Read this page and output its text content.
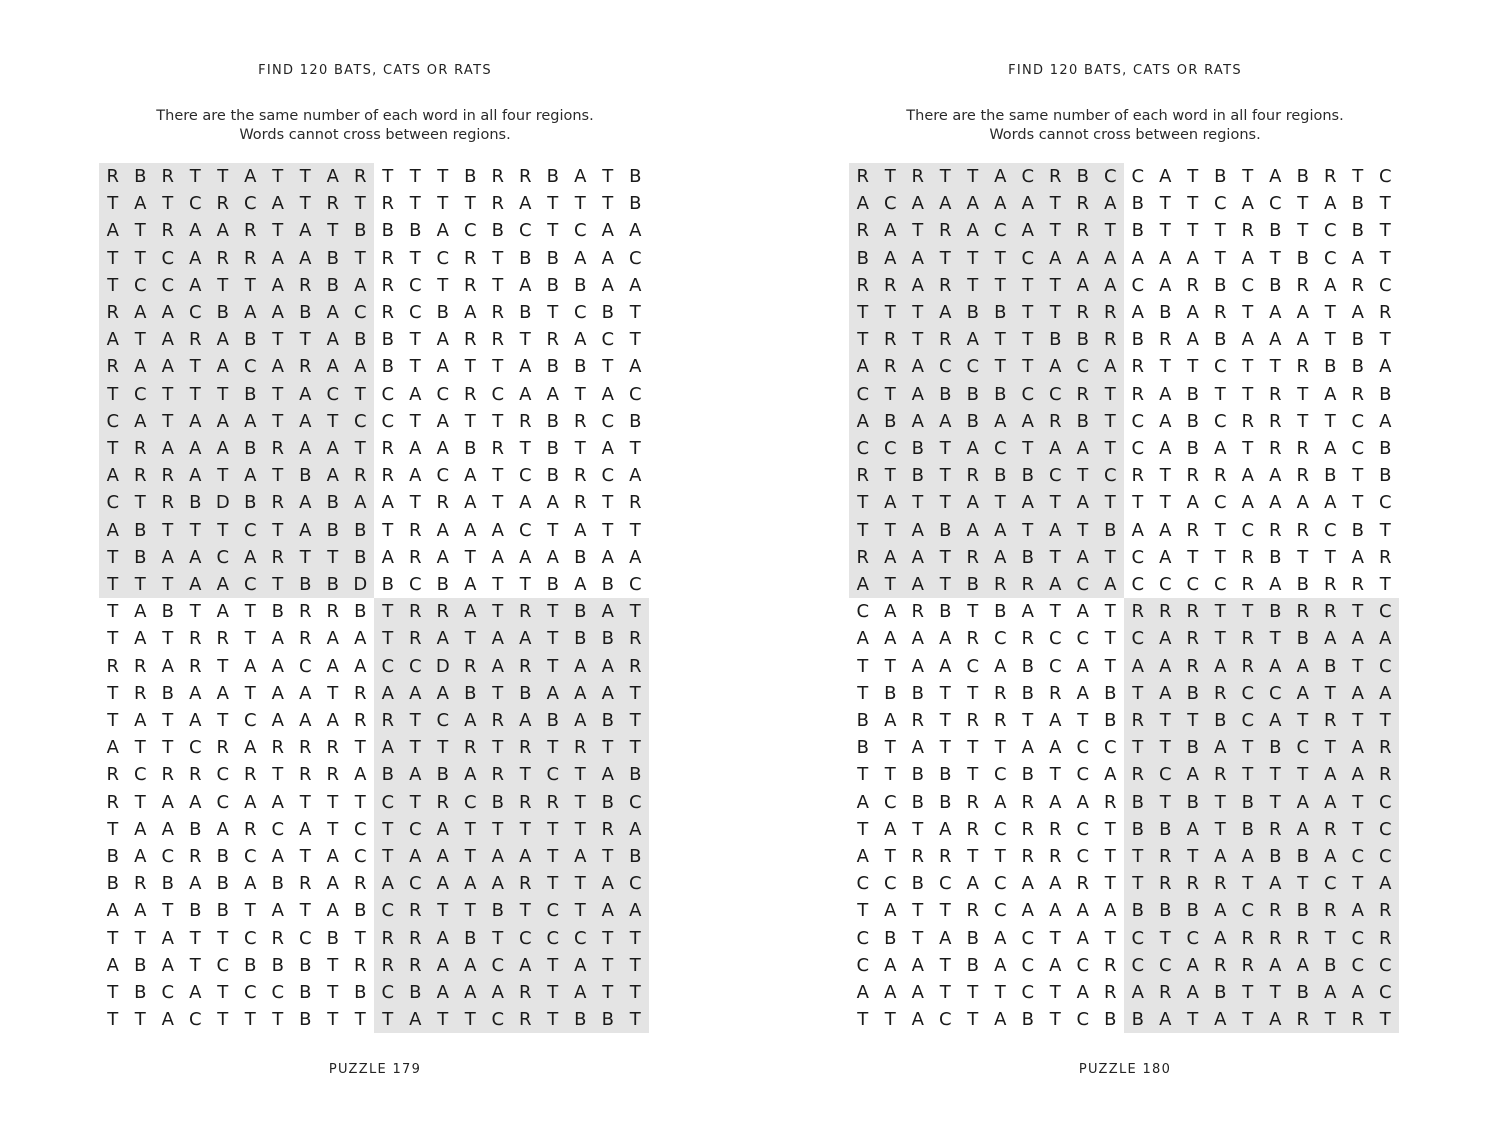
FIND 120 BATS, CATS OR RATS
There are the same number of each word in all four regions.
Words cannot cross between regions.
R B R T T A T T A R T T T B R R B A T B
T A T C R C A T R T R T T T R A T T T B
A T R A A R T A T B B B A C B C T C A A
T T C A R R A A B T R T C R T B B A A C
T C C A T T A R B A R C T R T A B B A A
R A A C B A A B A C R C B A R B T C B T
A T A R A B T T A B B T A R R T R A C T
R A A T A C A R A A B T A T T A B B T A
T C T T T B T A C T C A C R C A A T A C
C A T A A A T A T C C T A T T R B R C B
T R A A A B R A A T R A A B R T B T A T
A R R A T A T B A R R A C A T C B R C A
C T R B D B R A B A A T R A T A A R T R
A B T T T C T A B B T R A A A C T A T T
T B A A C A R T T B A R A T A A A B A A
T T T A A C T B B D B C B A T T B A B C
T A B T A T B R R B T R R A T R T B A T
T A T R R T A R A A T R A T A A T B B R
R R A R T A A C A A C C D R A R T A A R
T R B A A T A A T R A A A B T B A A A T
T A T A T C A A A R R T C A R A B A B T
A T T C R A R R R T A T T R T R T R T T
R C R R C R T R R A B A B A R T C T A B
R T A A C A A T T T C T R C B R R T B C
T A A B A R C A T C T C A T T T T T R A
B A C R B C A T A C T A A T A A T A T B
B R B A B A B R A R A C A A A R T T A C
A A T B B T A T A B C R T T B T C T A A
T T A T T C R C B T R R A B T C C C T T
A B A T C B B B T R R R A A C A T A T T
T B C A T C C B T B C B A A A R T A T T
T T A C T T T B T T T A T T C R T B B T
PUZZLE 179
FIND 120 BATS, CATS OR RATS
There are the same number of each word in all four regions.
Words cannot cross between regions.
R T R T T A C R B C C A T B T A B R T C
A C A A A A A T R A B T T C A C T A B T
R A T R A C A T R T B T T T R B T C B T
B A A T T T C A A A A A A T A T B C A T
R R A R T T T T A A C A R B C B R A R C
T T T A B B T T R R A B A R T A A T A R
T R T R A T T B B R B R A B A A A T B T
A R A C C T T A C A R T T C T T R B B A
C T A B B B C C R T R A B T T R T A R B
A B A A B A A R B T C A B C R R T T C A
C C B T A C T A A T C A B A T R R A C B
R T B T R B B C T C R T R R A A R B T B
T A T T A T A T A T T T A C A A A A T C
T T A B A A T A T B A A R T C R R C B T
R A A T R A B T A T C A T T R B T T A R
A T A T B R R A C A C C C C R A B R R T
C A R B T B A T A T R R R T T B R R T C
A A A A R C R C C T C A R T R T B A A A
T T A A C A B C A T A A R A R A A B T C
T B B T T R B R A B T A B R C C A T A A
B A R T R R T A T B R T T B C A T R T T
B T A T T T A A C C T T B A T B C T A R
T T B B T C B T C A R C A R T T T A A R
A C B B R A R A A R B T B T B T A A T C
T A T A R C R R C T B B A T B R A R T C
A T R R T T R R C T T R T A A B B A C C
C C B C A C A A R T T R R R T A T C T A
T A T T R C A A A A B B B A C R B R A R
C B T A B A C T A T C T C A R R R T C R
C A A T B A C A C R C C A R R A A B C C
A A A T T T C T A R A R A B T T B A A C
T T A C T A B T C B B A T A T A R T R T
PUZZLE 180
